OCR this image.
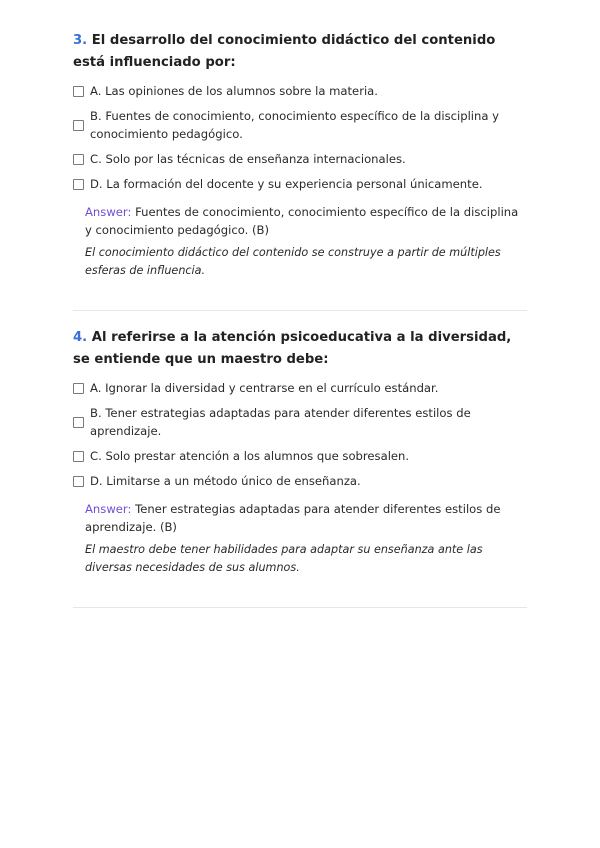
3. El desarrollo del conocimiento didáctico del contenido está influenciado por:
A. Las opiniones de los alumnos sobre la materia.
B. Fuentes de conocimiento, conocimiento específico de la disciplina y conocimiento pedagógico.
C. Solo por las técnicas de enseñanza internacionales.
D. La formación del docente y su experiencia personal únicamente.

Answer: Fuentes de conocimiento, conocimiento específico de la disciplina y conocimiento pedagógico. (B)

El conocimiento didáctico del contenido se construye a partir de múltiples esferas de influencia.

4. Al referirse a la atención psicoeducativa a la diversidad, se entiende que un maestro debe:
A. Ignorar la diversidad y centrarse en el currículo estándar.
B. Tener estrategias adaptadas para atender diferentes estilos de aprendizaje.
C. Solo prestar atención a los alumnos que sobresalen.
D. Limitarse a un método único de enseñanza.

Answer: Tener estrategias adaptadas para atender diferentes estilos de aprendizaje. (B)

El maestro debe tener habilidades para adaptar su enseñanza ante las diversas necesidades de sus alumnos.
